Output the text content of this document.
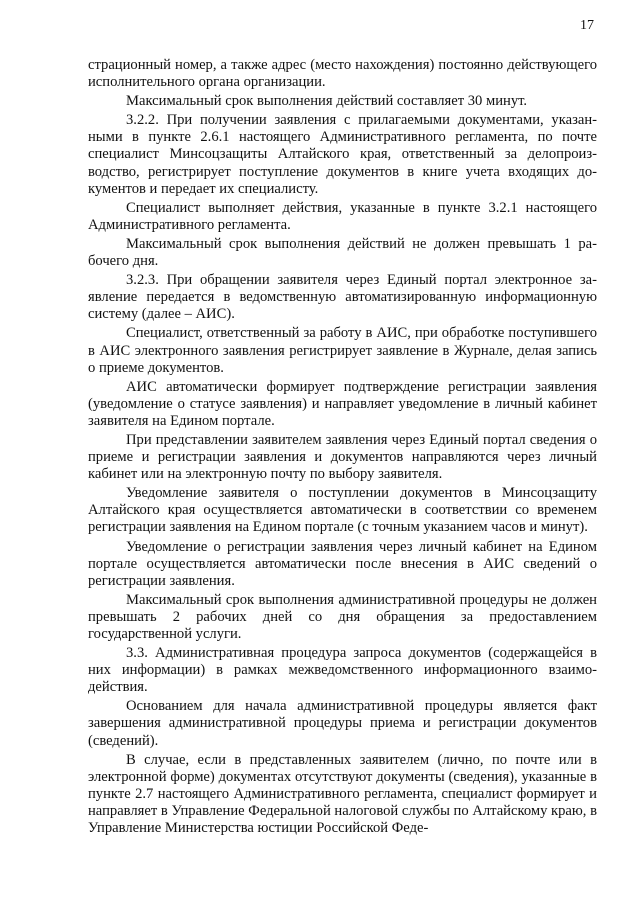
17

страционный номер, а также адрес (место нахождения) постоянно действующего исполнительного органа организации.

Максимальный срок выполнения действий составляет 30 минут.

3.2.2. При получении заявления с прилагаемыми документами, указанными в пункте 2.6.1 настоящего Административного регламента, по почте специалист Минсоцзащиты Алтайского края, ответственный за делопроизводство, регистрирует поступление документов в книге учета входящих документов и передает их специалисту.

Специалист выполняет действия, указанные в пункте 3.2.1 настоящего Административного регламента.

Максимальный срок выполнения действий не должен превышать 1 рабочего дня.

3.2.3. При обращении заявителя через Единый портал электронное заявление передается в ведомственную автоматизированную информационную систему (далее – АИС).

Специалист, ответственный за работу в АИС, при обработке поступившего в АИС электронного заявления регистрирует заявление в Журнале, делая запись о приеме документов.

АИС автоматически формирует подтверждение регистрации заявления (уведомление о статусе заявления) и направляет уведомление в личный кабинет заявителя на Едином портале.

При представлении заявителем заявления через Единый портал сведения о приеме и регистрации заявления и документов направляются через личный кабинет или на электронную почту по выбору заявителя.

Уведомление заявителя о поступлении документов в Минсоцзащиту Алтайского края осуществляется автоматически в соответствии со временем регистрации заявления на Едином портале (с точным указанием часов и минут).

Уведомление о регистрации заявления через личный кабинет на Едином портале осуществляется автоматически после внесения в АИС сведений о регистрации заявления.

Максимальный срок выполнения административной процедуры не должен превышать 2 рабочих дней со дня обращения за предоставлением государственной услуги.

3.3. Административная процедура запроса документов (содержащейся в них информации) в рамках межведомственного информационного взаимодействия.

Основанием для начала административной процедуры является факт завершения административной процедуры приема и регистрации документов (сведений).

В случае, если в представленных заявителем (лично, по почте или в электронной форме) документах отсутствуют документы (сведения), указанные в пункте 2.7 настоящего Административного регламента, специалист формирует и направляет в Управление Федеральной налоговой службы по Алтайскому краю, в Управление Министерства юстиции Российской Феде-
